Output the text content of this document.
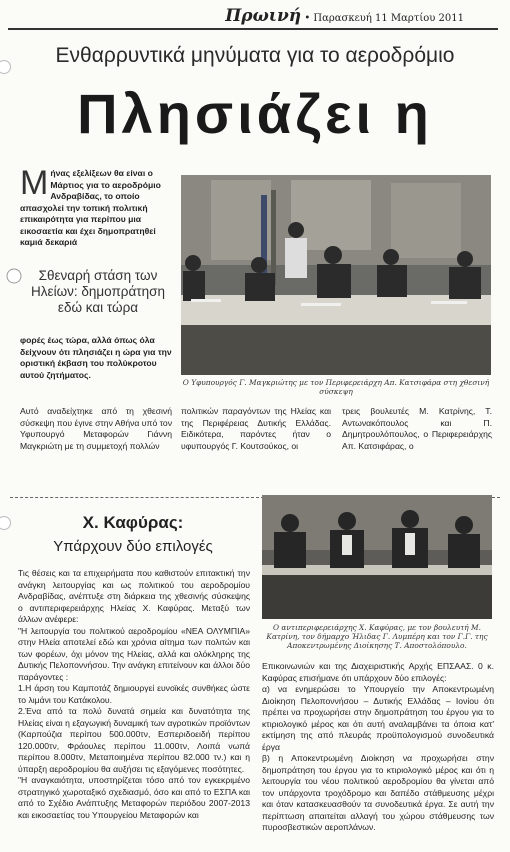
Πρωινή • Παρασκευή 11 Μαρτίου 2011
Ενθαρρυντικά μηνύματα για το αεροδρόμιο
Πλησιάζει η
Μήνας εξελίξεων θα είναι ο Μάρτιος για το αεροδρόμιο Ανδραβίδας, το οποίο απασχολεί την τοπική πολιτική επικαιρότητα για περίπου μια εικοσαετία και έχει δημοπρατηθεί καμιά δεκαριά
Σθεναρή στάση των Ηλείων: δημοπράτηση εδώ και τώρα
φορές έως τώρα, αλλά όπως όλα δείχνουν ότι πλησιάζει η ώρα για την οριστική έκβαση του πολύκροτου αυτού ζητήματος.
Ο Υφυπουργός Γ. Μαγκριώτης με τον Περιφερειάρχη Απ. Κατσιφάρα στη χθεσινή σύσκεψη
Αυτό αναδείχτηκε από τη χθεσινή σύσκεψη που έγινε στην Αθήνα υπό τον Υφυπουργό Μεταφορών Γιάννη Μαγκριώτη με τη συμμετοχή πολλών
πολιτικών παραγόντων της Ηλείας και της Περιφέρειας Δυτικής Ελλάδας. Ειδικότερα, παρόντες ήταν ο υφυπουργός Γ. Κουτσούκος, οι
τρεις βουλευτές Μ. Κατρίνης, Τ. Αντωνακόπουλος και Π. Δημητρουλόπουλος, ο Περιφερειάρχης Απ. Κατσιφάρας, ο
Χ. Καφύρας:
Υπάρχουν δύο επιλογές

Τις θέσεις και τα επιχειρήματα που καθιστούν επιτακτική την ανάγκη λειτουργίας και ως πολιτικού του αεροδρομίου Ανδραβίδας, ανέπτυξε στη διάρκεια της χθεσινής σύσκεψης ο αντιπεριφερειάρχης Ηλείας Χ. Καφύρας. Μεταξύ των άλλων ανέφερε:

"Η λειτουργία του πολιτικού αεροδρομίου «ΝΕΑ ΟΛΥΜΠΙΑ» στην Ηλεία αποτελεί εδώ και χρόνια αίτημα των πολιτών και των φορέων, όχι μόνον της Ηλείας, αλλά και ολόκληρης της Δυτικής Πελοποννήσου. Την ανάγκη επιτείνουν και άλλοι δύο παράγοντες :

1.Η άρση του Καμποτάζ δημιουργεί ευνοϊκές συνθήκες ώστε το λιμάνι του Κατάκολου.

2.Ένα από τα πολύ δυνατά σημεία και δυνατότητα της Ηλείας είναι η εξαγωγική δυναμική των αγροτικών προϊόντων (Καρπούζια περίπου 500.000τν, Εσπεριδοειδή περίπου 120.000τν, Φράουλες περίπου 11.000τν, Λοιπά νωπά περίπου 8.000τν, Μεταποιημένα περίπου 82.000 τν.) και η ύπαρξη αεροδρομίου θα αυξήσει τις εξαγόμενες ποσότητες.

"Η αναγκαιότητα, υποστηρίζεται τόσο από τον εγκεκριμένο στρατηγικό χωροταξικό σχεδιασμό, όσο και από το ΕΣΠΑ και από το Σχέδιο Ανάπτυξης Μεταφορών περιόδου 2007-2013 και εικοσαετίας του Υπουργείου Μεταφορών και

Ο αντιπεριφερειάρχης Χ. Καφύρας, με τον βουλευτή Μ. Κατρίνη, τον δήμαρχο Ήλιδας Γ. Λυμπέρη και τον Γ.Γ. της Αποκεντρωμένης Διοίκησης Τ. Αποστολόπουλο.

Επικοινωνιών και της Διαχειριστικής Αρχής ΕΠΣΑΑΣ. 0 κ. Καφύρας επισήμανε ότι υπάρχουν δύο επιλογές:

α) να ενημερώσει το Υπουργείο την Αποκεντρωμένη Διοίκηση Πελοποννήσου – Δυτικής Ελλάδας – Ιονίου ότι πρέπει να προχωρήσει στην δημοπράτηση του έργου για το κτιριολογικό μέρος και ότι αυτή αναλαμβάνει τα όποια κατ' εκτίμηση της από πλευράς προϋπολογισμού συνοδευτικά έργα

β) η Αποκεντρωμένη Διοίκηση να προχωρήσει στην δημοπράτηση του έργου για το κτιριολογικό μέρος και ότι η λειτουργία του νέου πολιτικού αεροδρομίου θα γίνεται από τον υπάρχοντα τροχόδρομο και δαπέδο στάθμευσης μέχρι και όταν κατασκευασθούν τα συνοδευτικά έργα. Σε αυτή την περίπτωση απαιτείται αλλαγή του χώρου στάθμευσης των πυροσβεστικών αεροπλάνων.
